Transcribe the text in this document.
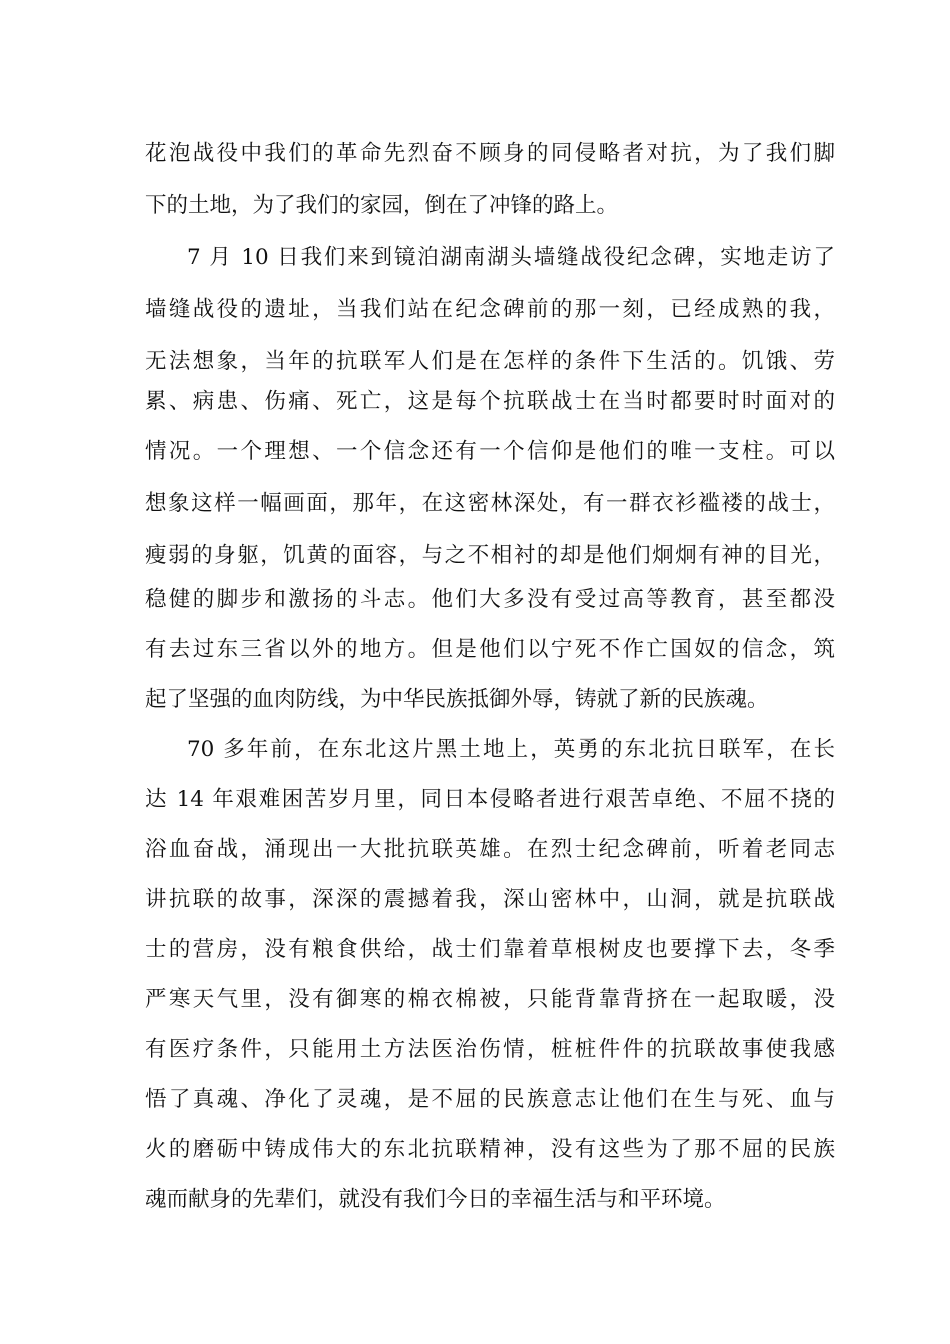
花泡战役中我们的革命先烈奋不顾身的同侵略者对抗，为了我们脚
下的土地，为了我们的家园，倒在了冲锋的路上。
7 月 10 日我们来到镜泊湖南湖头墙缝战役纪念碑，实地走访了
墙缝战役的遗址，当我们站在纪念碑前的那一刻，已经成熟的我，
无法想象，当年的抗联军人们是在怎样的条件下生活的。饥饿、劳
累、病患、伤痛、死亡，这是每个抗联战士在当时都要时时面对的
情况。一个理想、一个信念还有一个信仰是他们的唯一支柱。可以
想象这样一幅画面，那年，在这密林深处，有一群衣衫褴褛的战士，
瘦弱的身躯，饥黄的面容，与之不相衬的却是他们炯炯有神的目光，
稳健的脚步和激扬的斗志。他们大多没有受过高等教育，甚至都没
有去过东三省以外的地方。但是他们以宁死不作亡国奴的信念，筑
起了坚强的血肉防线，为中华民族抵御外辱，铸就了新的民族魂。
70 多年前，在东北这片黑土地上，英勇的东北抗日联军，在长
达 14 年艰难困苦岁月里，同日本侵略者进行艰苦卓绝、不屈不挠的
浴血奋战，涌现出一大批抗联英雄。在烈士纪念碑前，听着老同志
讲抗联的故事，深深的震撼着我，深山密林中，山洞，就是抗联战
士的营房，没有粮食供给，战士们靠着草根树皮也要撑下去，冬季
严寒天气里，没有御寒的棉衣棉被，只能背靠背挤在一起取暖，没
有医疗条件，只能用土方法医治伤情，桩桩件件的抗联故事使我感
悟了真魂、净化了灵魂，是不屈的民族意志让他们在生与死、血与
火的磨砺中铸成伟大的东北抗联精神，没有这些为了那不屈的民族
魂而献身的先辈们，就没有我们今日的幸福生活与和平环境。
